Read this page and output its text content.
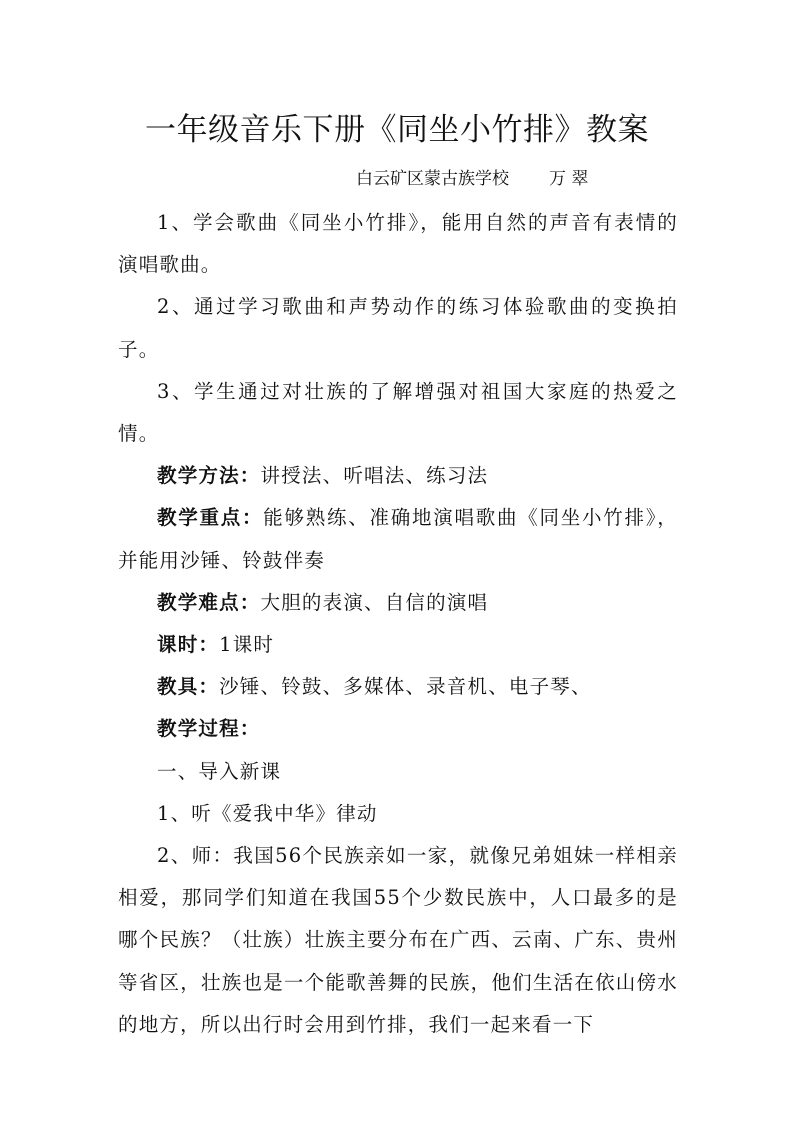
一年级音乐下册《同坐小竹排》教案
白云矿区蒙古族学校 万 翠

1、学会歌曲《同坐小竹排》，能用自然的声音有表情的演唱歌曲。

2、通过学习歌曲和声势动作的练习体验歌曲的变换拍子。

3、学生通过对壮族的了解增强对祖国大家庭的热爱之情。

教学方法：讲授法、听唱法、练习法

教学重点：能够熟练、准确地演唱歌曲《同坐小竹排》，并能用沙锤、铃鼓伴奏

教学难点：大胆的表演、自信的演唱

课时：1课时

教具：沙锤、铃鼓、多媒体、录音机、电子琴、

教学过程：

一、导入新课

1、听《爱我中华》律动

2、师：我国56个民族亲如一家，就像兄弟姐妹一样相亲相爱，那同学们知道在我国55个少数民族中，人口最多的是哪个民族？（壮族）壮族主要分布在广西、云南、广东、贵州等省区，壮族也是一个能歌善舞的民族，他们生活在依山傍水的地方，所以出行时会用到竹排，我们一起来看一下
